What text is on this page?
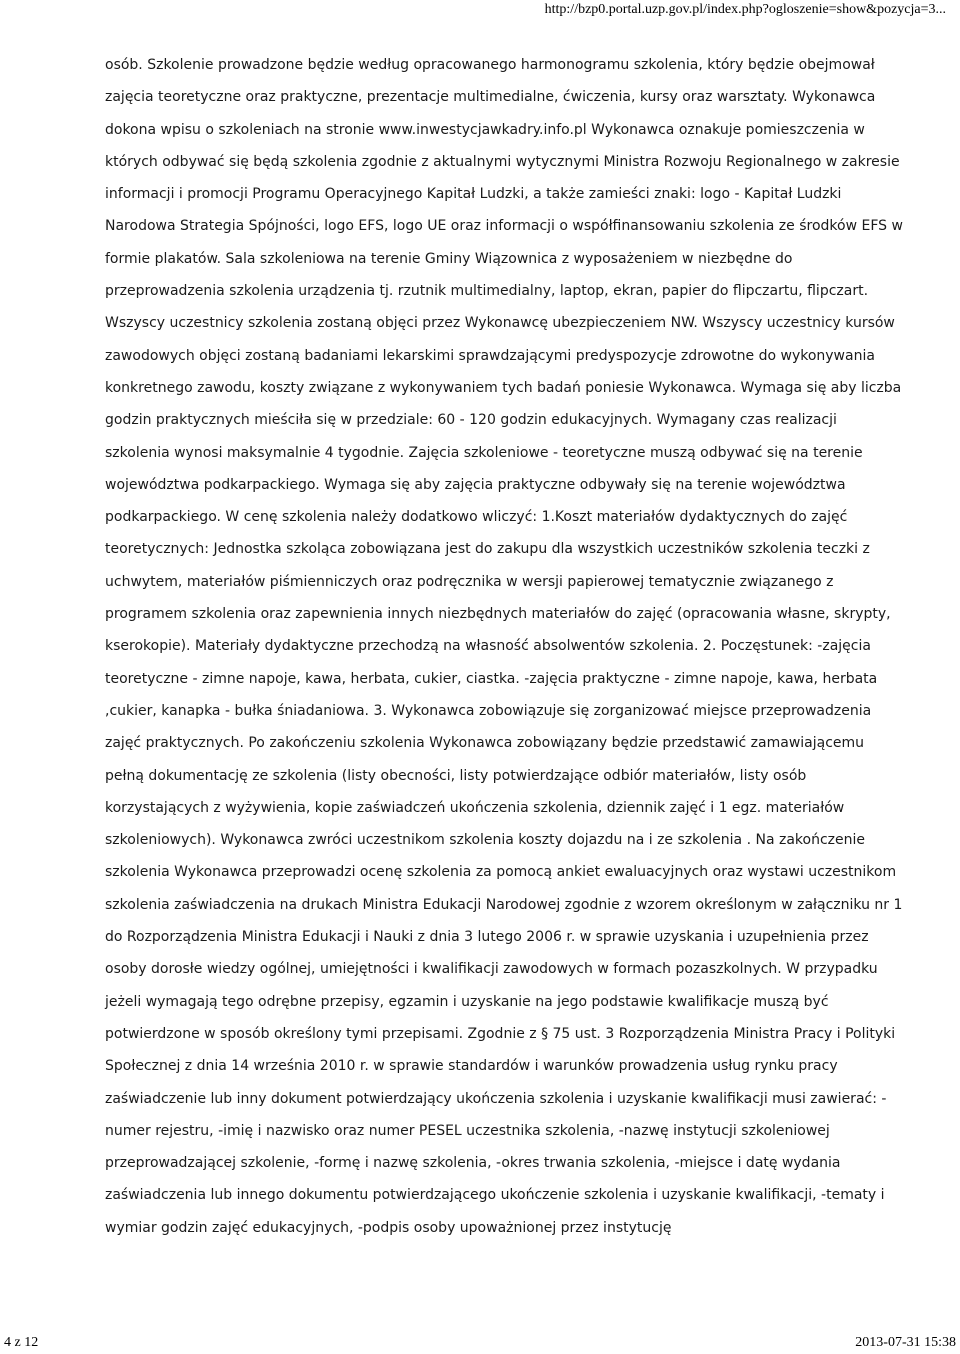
http://bzp0.portal.uzp.gov.pl/index.php?ogloszenie=show&pozycja=3...

osób. Szkolenie prowadzone będzie według opracowanego harmonogramu szkolenia, który będzie obejmował zajęcia teoretyczne oraz praktyczne, prezentacje multimedialne, ćwiczenia, kursy oraz warsztaty. Wykonawca dokona wpisu o szkoleniach na stronie www.inwestycjawkadry.info.pl Wykonawca oznakuje pomieszczenia w których odbywać się będą szkolenia zgodnie z aktualnymi wytycznymi Ministra Rozwoju Regionalnego w zakresie informacji i promocji Programu Operacyjnego Kapitał Ludzki, a także zamieści znaki: logo - Kapitał Ludzki Narodowa Strategia Spójności, logo EFS, logo UE oraz informacji o współfinansowaniu szkolenia ze środków EFS w formie plakatów. Sala szkoleniowa na terenie Gminy Wiązownica z wyposażeniem w niezbędne do przeprowadzenia szkolenia urządzenia tj. rzutnik multimedialny, laptop, ekran, papier do flipczartu, flipczart. Wszyscy uczestnicy szkolenia zostaną objęci przez Wykonawcę ubezpieczeniem NW. Wszyscy uczestnicy kursów zawodowych objęci zostaną badaniami lekarskimi sprawdzającymi predyspozycje zdrowotne do wykonywania konkretnego zawodu, koszty związane z wykonywaniem tych badań poniesie Wykonawca. Wymaga się aby liczba godzin praktycznych mieściła się w przedziale: 60 - 120 godzin edukacyjnych. Wymagany czas realizacji szkolenia wynosi maksymalnie 4 tygodnie. Zajęcia szkoleniowe - teoretyczne muszą odbywać się na terenie województwa podkarpackiego. Wymaga się aby zajęcia praktyczne odbywały się na terenie województwa podkarpackiego. W cenę szkolenia należy dodatkowo wliczyć: 1.Koszt materiałów dydaktycznych do zajęć teoretycznych: Jednostka szkoląca zobowiązana jest do zakupu dla wszystkich uczestników szkolenia teczki z uchwytem, materiałów piśmienniczych oraz podręcznika w wersji papierowej tematycznie związanego z programem szkolenia oraz zapewnienia innych niezbędnych materiałów do zajęć (opracowania własne, skrypty, kserokopie). Materiały dydaktyczne przechodzą na własność absolwentów szkolenia. 2. Poczęstunek: -zajęcia teoretyczne - zimne napoje, kawa, herbata, cukier, ciastka. -zajęcia praktyczne - zimne napoje, kawa, herbata ,cukier, kanapka - bułka śniadaniowa. 3. Wykonawca zobowiązuje się zorganizować miejsce przeprowadzenia zajęć praktycznych. Po zakończeniu szkolenia Wykonawca zobowiązany będzie przedstawić zamawiającemu pełną dokumentację ze szkolenia (listy obecności, listy potwierdzające odbiór materiałów, listy osób korzystających z wyżywienia, kopie zaświadczeń ukończenia szkolenia, dziennik zajęć i 1 egz. materiałów szkoleniowych). Wykonawca zwróci uczestnikom szkolenia koszty dojazdu na i ze szkolenia . Na zakończenie szkolenia Wykonawca przeprowadzi ocenę szkolenia za pomocą ankiet ewaluacyjnych oraz wystawi uczestnikom szkolenia zaświadczenia na drukach Ministra Edukacji Narodowej zgodnie z wzorem określonym w załączniku nr 1 do Rozporządzenia Ministra Edukacji i Nauki z dnia 3 lutego 2006 r. w sprawie uzyskania i uzupełnienia przez osoby dorosłe wiedzy ogólnej, umiejętności i kwalifikacji zawodowych w formach pozaszkolnych. W przypadku jeżeli wymagają tego odrębne przepisy, egzamin i uzyskanie na jego podstawie kwalifikacje muszą być potwierdzone w sposób określony tymi przepisami. Zgodnie z § 75 ust. 3 Rozporządzenia Ministra Pracy i Polityki Społecznej z dnia 14 września 2010 r. w sprawie standardów i warunków prowadzenia usług rynku pracy zaświadczenie lub inny dokument potwierdzający ukończenia szkolenia i uzyskanie kwalifikacji musi zawierać: -numer rejestru, -imię i nazwisko oraz numer PESEL uczestnika szkolenia, -nazwę instytucji szkoleniowej przeprowadzającej szkolenie, -formę i nazwę szkolenia, -okres trwania szkolenia, -miejsce i datę wydania zaświadczenia lub innego dokumentu potwierdzającego ukończenie szkolenia i uzyskanie kwalifikacji, -tematy i wymiar godzin zajęć edukacyjnych, -podpis osoby upoważnionej przez instytucję

4 z 12	2013-07-31 15:38
